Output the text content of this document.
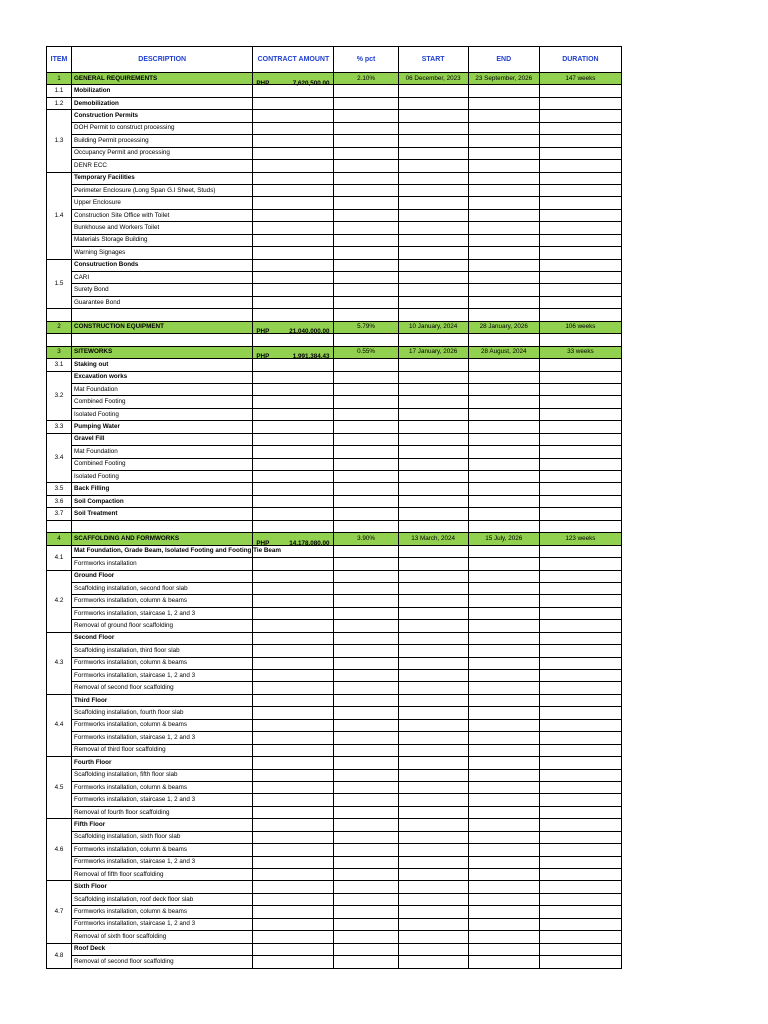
ITEM	DESCRIPTION	CONTRACT AMOUNT	% pct	START	END	DURATION
1	GENERAL REQUIREMENTS	PHP 7,620,500.00	2.10%	06 December, 2023	23 September, 2026	147 weeks
1.1	Mobilization					
1.2	Demobilization					
1.3	Construction Permits					
	DOH Permit to construct processing					
	Building Permit processing					
	Occupancy Permit and processing					
	DENR ECC					
1.4	Temporary Facilities					
	Perimeter Enclosure (Long Span G.I Sheet, Studs)					
	Upper Enclosure					
	Construction Site Office with Toilet					
	Bunkhouse and Workers Toilet					
	Materials Storage Building					
	Warning Signages					
1.5	Consutruction Bonds					
	CARI					
	Surety Bond					
	Guarantee Bond					

2	CONSTRUCTION EQUIPMENT	PHP 21,040,000.00	5.79%	10 January, 2024	28 January, 2026	106 weeks

3	SITEWORKS	PHP 1,991,384.43	0.55%	17 January, 2026	28 August, 2024	33 weeks
3.1	Staking out					
3.2	Excavation works					
	Mat Foundation					
	Combined Footing					
	Isolated Footing					
3.3	Pumping Water					
3.4	Gravel Fill					
	Mat Foundation					
	Combined Footing					
	Isolated Footing					
3.5	Back Filling					
3.6	Soil Compaction					
3.7	Soil Treatment					

4	SCAFFOLDING AND FORMWORKS	PHP 14,178,080.00	3.90%	13 March, 2024	15 July, 2026	123 weeks
4.1	Mat Foundation, Grade Beam, Isolated Footing and Footing Tie Beam					
	Formworks installation					
4.2	Ground Floor					
	Scaffolding installation, second floor slab					
	Formworks installation, column & beams					
	Formworks installation, staircase 1, 2 and 3					
	Removal of ground floor scaffolding					
4.3	Second Floor					
	Scaffolding installation, third floor slab					
	Formworks installation, column & beams					
	Formworks installation, staircase 1, 2 and 3					
	Removal of second floor scaffolding					
4.4	Third Floor					
	Scaffolding installation, fourth floor slab					
	Formworks installation, column & beams					
	Formworks installation, staircase 1, 2 and 3					
	Removal of third floor scaffolding					
4.5	Fourth Floor					
	Scaffolding installation, fifth floor slab					
	Formworks installation, column & beams					
	Formworks installation, staircase 1, 2 and 3					
	Removal of fourth floor scaffolding					
4.6	Fifth Floor					
	Scaffolding installation, sixth floor slab					
	Formworks installation, column & beams					
	Formworks installation, staircase 1, 2 and 3					
	Removal of fifth floor scaffolding					
4.7	Sixth Floor					
	Scaffolding installation, roof deck floor slab					
	Formworks installation, column & beams					
	Formworks installation, staircase 1, 2 and 3					
	Removal of sixth floor scaffolding					
4.8	Roof Deck					
	Removal of second floor scaffolding					
